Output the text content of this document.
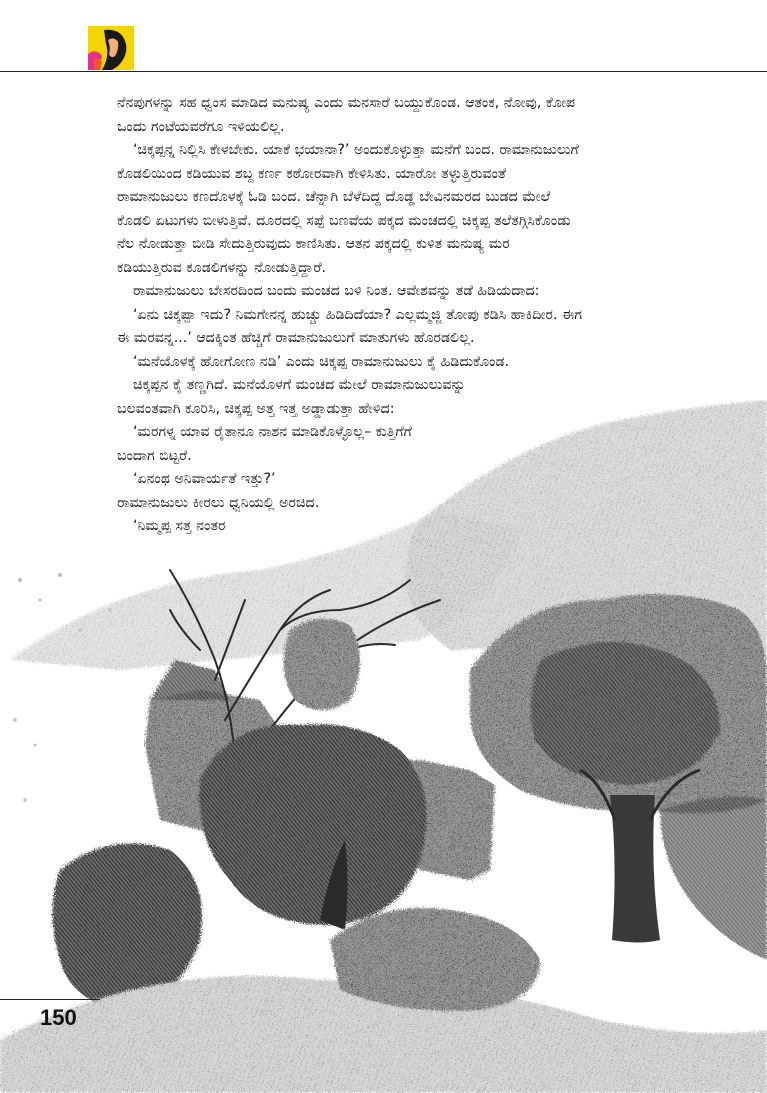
ನೆನಪುಗಳನ್ನು ಸಹ ಧ್ವಂಸ ಮಾಡಿದ ಮನುಷ್ಯ ಎಂದು ಮನಸಾರೆ ಬಯ್ದುಕೊಂಡ. ಆತಂಕ, ನೋವು, ಕೋಪ

ಒಂದು ಗಂಟೆಯವರೆಗೂ ಇಳಿಯಲಿಲ್ಲ.

‘ಚಿಕ್ಕಪ್ಪನ್ನ ನಿಲ್ಲಿಸಿ ಕೇಳಬೇಕು. ಯಾಕೆ ಭಯಾನಾ?’ ಅಂದುಕೊಳ್ಳುತ್ತಾ ಮನೆಗೆ ಬಂದ. ರಾಮಾನುಜುಲುಗೆ

ಕೊಡಲಿಯಿಂದ ಕಡಿಯುವ ಶಬ್ದ ಕರ್ಣ ಕಠೋರವಾಗಿ ಕೇಳಿಸಿತು. ಯಾರೋ ತಳ್ಳುತ್ತಿರುವಂತೆ

ರಾಮಾನುಜುಲು ಕಣದೊಳಕ್ಕೆ ಓಡಿ ಬಂದ. ಚೆನ್ನಾಗಿ ಬೆಳೆದಿದ್ದ ದೊಡ್ಡ ಬೇವಿನಮರದ ಬುಡದ ಮೇಲೆ

ಕೊಡಲಿ ಏಟುಗಳು ಬೀಳುತ್ತಿವೆ. ದೂರದಲ್ಲಿ ಸಪ್ಪೆ ಬಣವೆಯ ಪಕ್ಕದ ಮಂಚದಲ್ಲಿ ಚಿಕ್ಕಪ್ಪ ತಲೆತಗ್ಗಿಸಿಕೊಂಡು

ನೆಲ ನೋಡುತ್ತಾ ಬೀಡಿ ಸೇದುತ್ತಿರುವುದು ಕಾಣಿಸಿತು. ಆತನ ಪಕ್ಕದಲ್ಲಿ ಕುಳಿತ ಮನುಷ್ಯ ಮರ

ಕಡಿಯುತ್ತಿರುವ ಕೂಡಲಿಗಳನ್ನು ನೋಡುತ್ತಿದ್ದಾರೆ.

ರಾಮಾನುಜುಲು ಬೇಸರದಿಂದ ಬಂದು ಮಂಚದ ಬಳಿ ನಿಂತ. ಆವೇಶವನ್ನು ತಡೆ ಹಿಡಿಯದಾದ:

‘ಏನು ಚಿಕ್ಕಪ್ಪಾ ಇದು? ನಿಮಗೇನನ್ನ ಹುಚ್ಚು ಹಿಡಿದಿದೆಯಾ? ಎಲ್ಲಮ್ಮಜ್ಜಿ ತೋಪು ಕಡಿಸಿ ಹಾಕಿದೀರ. ಈಗ

ಈ ಮರವನ್ನ...’ ಆದಕ್ಕಿಂತ ಹೆಚ್ಚಿಗೆ ರಾಮಾನುಜುಲುಗೆ ಮಾತುಗಳು ಹೊರಡಲಿಲ್ಲ.

‘ಮನೆಯೊಳಕ್ಕೆ ಹೋಗೋಣ ನಡಿ’ ಎಂದು ಚಿಕ್ಕಪ್ಪ ರಾಮಾನುಜುಲು ಕೈ ಹಿಡಿದುಕೊಂಡ.

ಚಿಕ್ಕಪ್ಪನ ಕೈ ತಣ್ಣಗಿದೆ. ಮನೆಯೊಳಗೆ ಮಂಚದ ಮೇಲೆ ರಾಮಾನುಜುಲುವನ್ನು

ಬಲವಂತವಾಗಿ ಕೂರಿಸಿ, ಚಿಕ್ಕಪ್ಪ ಅತ್ತ ಇತ್ತ ಅಡ್ಡಾಡುತ್ತಾ ಹೇಳಿದ:

‘ಮರಗಳ್ನ ಯಾವ ರೈತಾನೂ ನಾಶನ ಮಾಡಿಕೊಳ್ಳೊಲ್ಲ– ಕುತ್ತಿಗೆಗೆ

ಬಂದಾಗ ಬಿಟ್ಟರೆ.

‘ಏನಂಥ ಅನಿವಾರ್ಯತೆ ಇತ್ತು?’

ರಾಮಾನುಜುಲು ಕೀರಲು ಧ್ವನಿಯಲ್ಲಿ ಅರಚಿದ.

‘ನಿಮ್ಮಪ್ಪ ಸತ್ತ ನಂತರ

150
